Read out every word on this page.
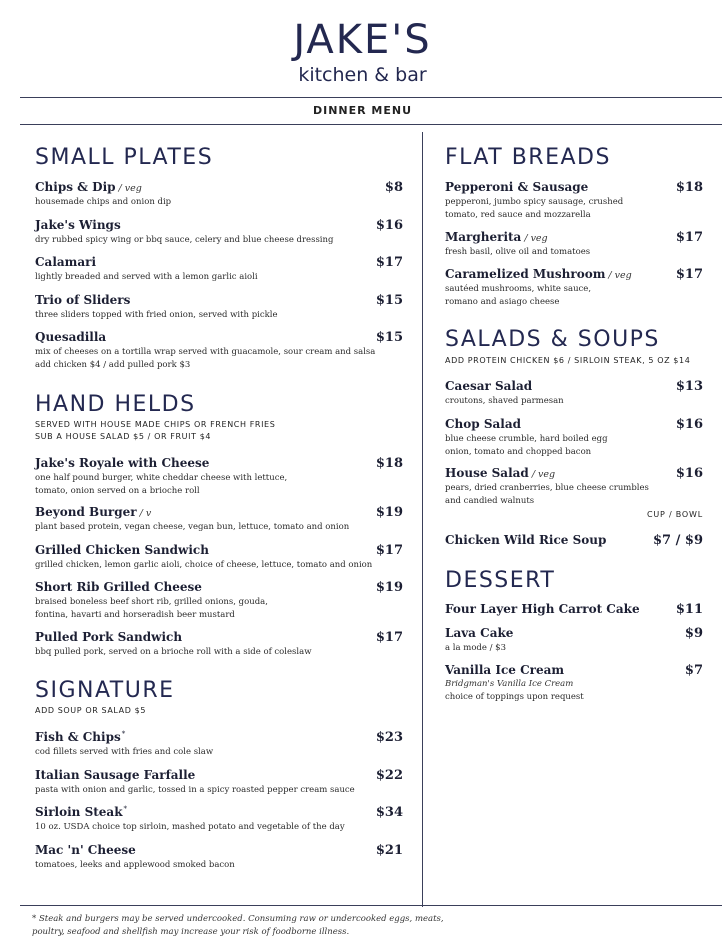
JAKE'S
kitchen & bar
DINNER MENU
SMALL PLATES
Chips & Dip / veg	$8
housemade chips and onion dip
Jake's Wings	$16
dry rubbed spicy wing or bbq sauce, celery and blue cheese dressing
Calamari	$17
lightly breaded and served with a lemon garlic aioli
Trio of Sliders	$15
three sliders topped with fried onion, served with pickle
Quesadilla	$15
mix of cheeses on a tortilla wrap served with guacamole, sour cream and salsa
add chicken $4 / add pulled pork $3
HAND HELDS
SERVED WITH HOUSE MADE CHIPS OR FRENCH FRIES
SUB A HOUSE SALAD $5 / OR FRUIT $4
Jake's Royale with Cheese	$18
one half pound burger, white cheddar cheese with lettuce,
tomato, onion served on a brioche roll
Beyond Burger / v	$19
plant based protein, vegan cheese, vegan bun, lettuce, tomato and onion
Grilled Chicken Sandwich	$17
grilled chicken, lemon garlic aioli, choice of cheese, lettuce, tomato and onion
Short Rib Grilled Cheese	$19
braised boneless beef short rib, grilled onions, gouda,
fontina, havarti and horseradish beer mustard
Pulled Pork Sandwich	$17
bbq pulled pork, served on a brioche roll with a side of coleslaw
SIGNATURE
ADD SOUP OR SALAD $5
Fish & Chips*	$23
cod fillets served with fries and cole slaw
Italian Sausage Farfalle	$22
pasta with onion and garlic, tossed in a spicy roasted pepper cream sauce
Sirloin Steak*	$34
10 oz. USDA choice top sirloin, mashed potato and vegetable of the day
Mac 'n' Cheese	$21
tomatoes, leeks and applewood smoked bacon
FLAT BREADS
Pepperoni & Sausage	$18
pepperoni, jumbo spicy sausage, crushed
tomato, red sauce and mozzarella
Margherita / veg	$17
fresh basil, olive oil and tomatoes
Caramelized Mushroom / veg	$17
sautéed mushrooms, white sauce,
romano and asiago cheese
SALADS & SOUPS
ADD PROTEIN CHICKEN $6 / SIRLOIN STEAK, 5 OZ $14
Caesar Salad	$13
croutons, shaved parmesan
Chop Salad	$16
blue cheese crumble, hard boiled egg
onion, tomato and chopped bacon
House Salad / veg	$16
pears, dried cranberries, blue cheese crumbles
and candied walnuts
CUP / BOWL
Chicken Wild Rice Soup	$7 / $9
DESSERT
Four Layer High Carrot Cake	$11
Lava Cake	$9
a la mode / $3
Vanilla Ice Cream	$7
Bridgman's Vanilla Ice Cream
choice of toppings upon request
* Steak and burgers may be served undercooked. Consuming raw or undercooked eggs, meats,
poultry, seafood and shellfish may increase your risk of foodborne illness.
